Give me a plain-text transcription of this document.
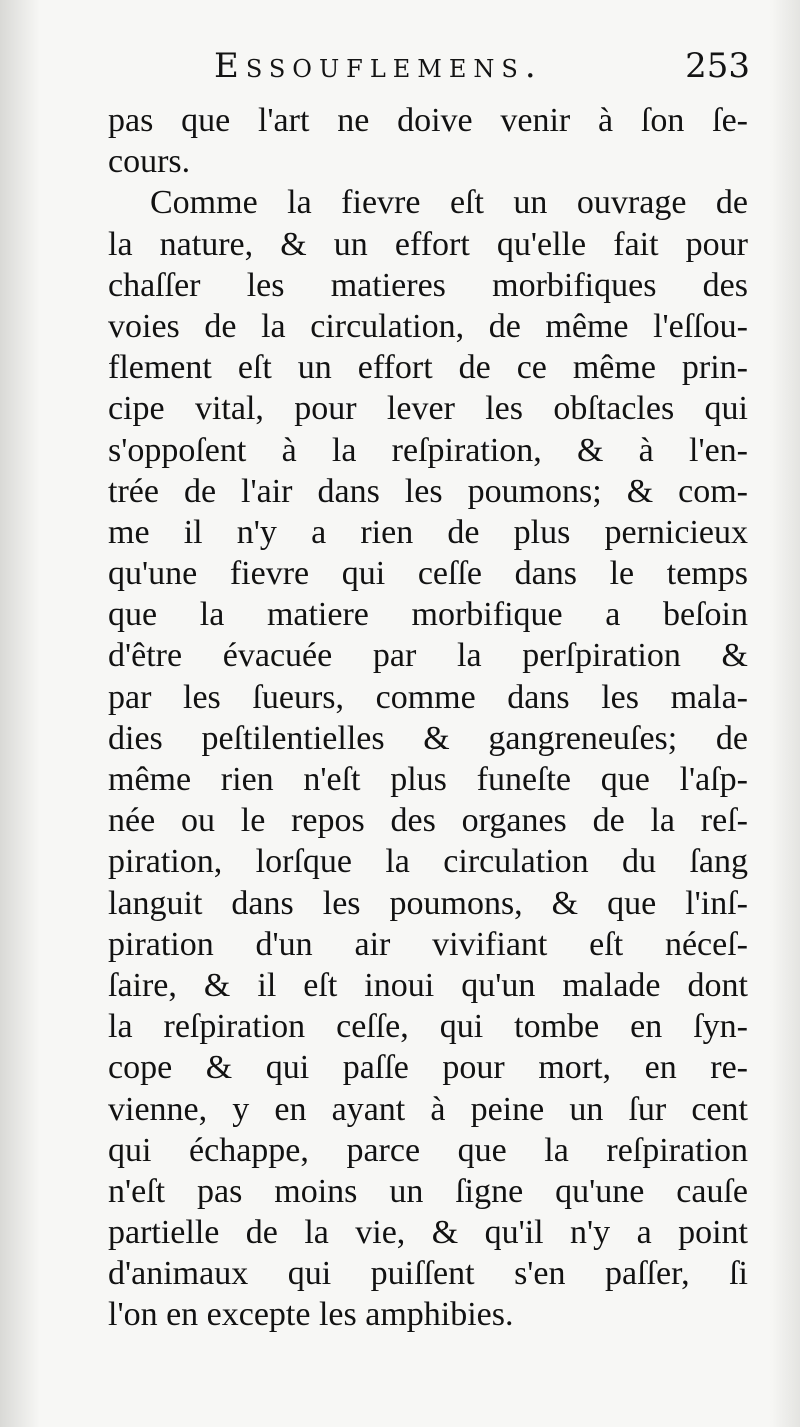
Essouflemens.	253
pas que l'art ne doive venir à ſon ſe-
cours.
Comme la fievre eſt un ouvrage de
la nature, & un effort qu'elle fait pour
chaſſer les matieres morbifiques des
voies de la circulation, de même l'eſſou-
flement eſt un effort de ce même prin-
cipe vital, pour lever les obſtacles qui
s'oppoſent à la reſpiration, & à l'en-
trée de l'air dans les poumons; & com-
me il n'y a rien de plus pernicieux
qu'une fievre qui ceſſe dans le temps
que la matiere morbifique a beſoin
d'être évacuée par la perſpiration &
par les ſueurs, comme dans les mala-
dies peſtilentielles & gangreneuſes; de
même rien n'eſt plus funeſte que l'aſp-
née ou le repos des organes de la reſ-
piration, lorſque la circulation du ſang
languit dans les poumons, & que l'inſ-
piration d'un air vivifiant eſt néceſ-
ſaire, & il eſt inoui qu'un malade dont
la reſpiration ceſſe, qui tombe en ſyn-
cope & qui paſſe pour mort, en re-
vienne, y en ayant à peine un ſur cent
qui échappe, parce que la reſpiration
n'eſt pas moins un ſigne qu'une cauſe
partielle de la vie, & qu'il n'y a point
d'animaux qui puiſſent s'en paſſer, ſi
l'on en excepte les amphibies.
